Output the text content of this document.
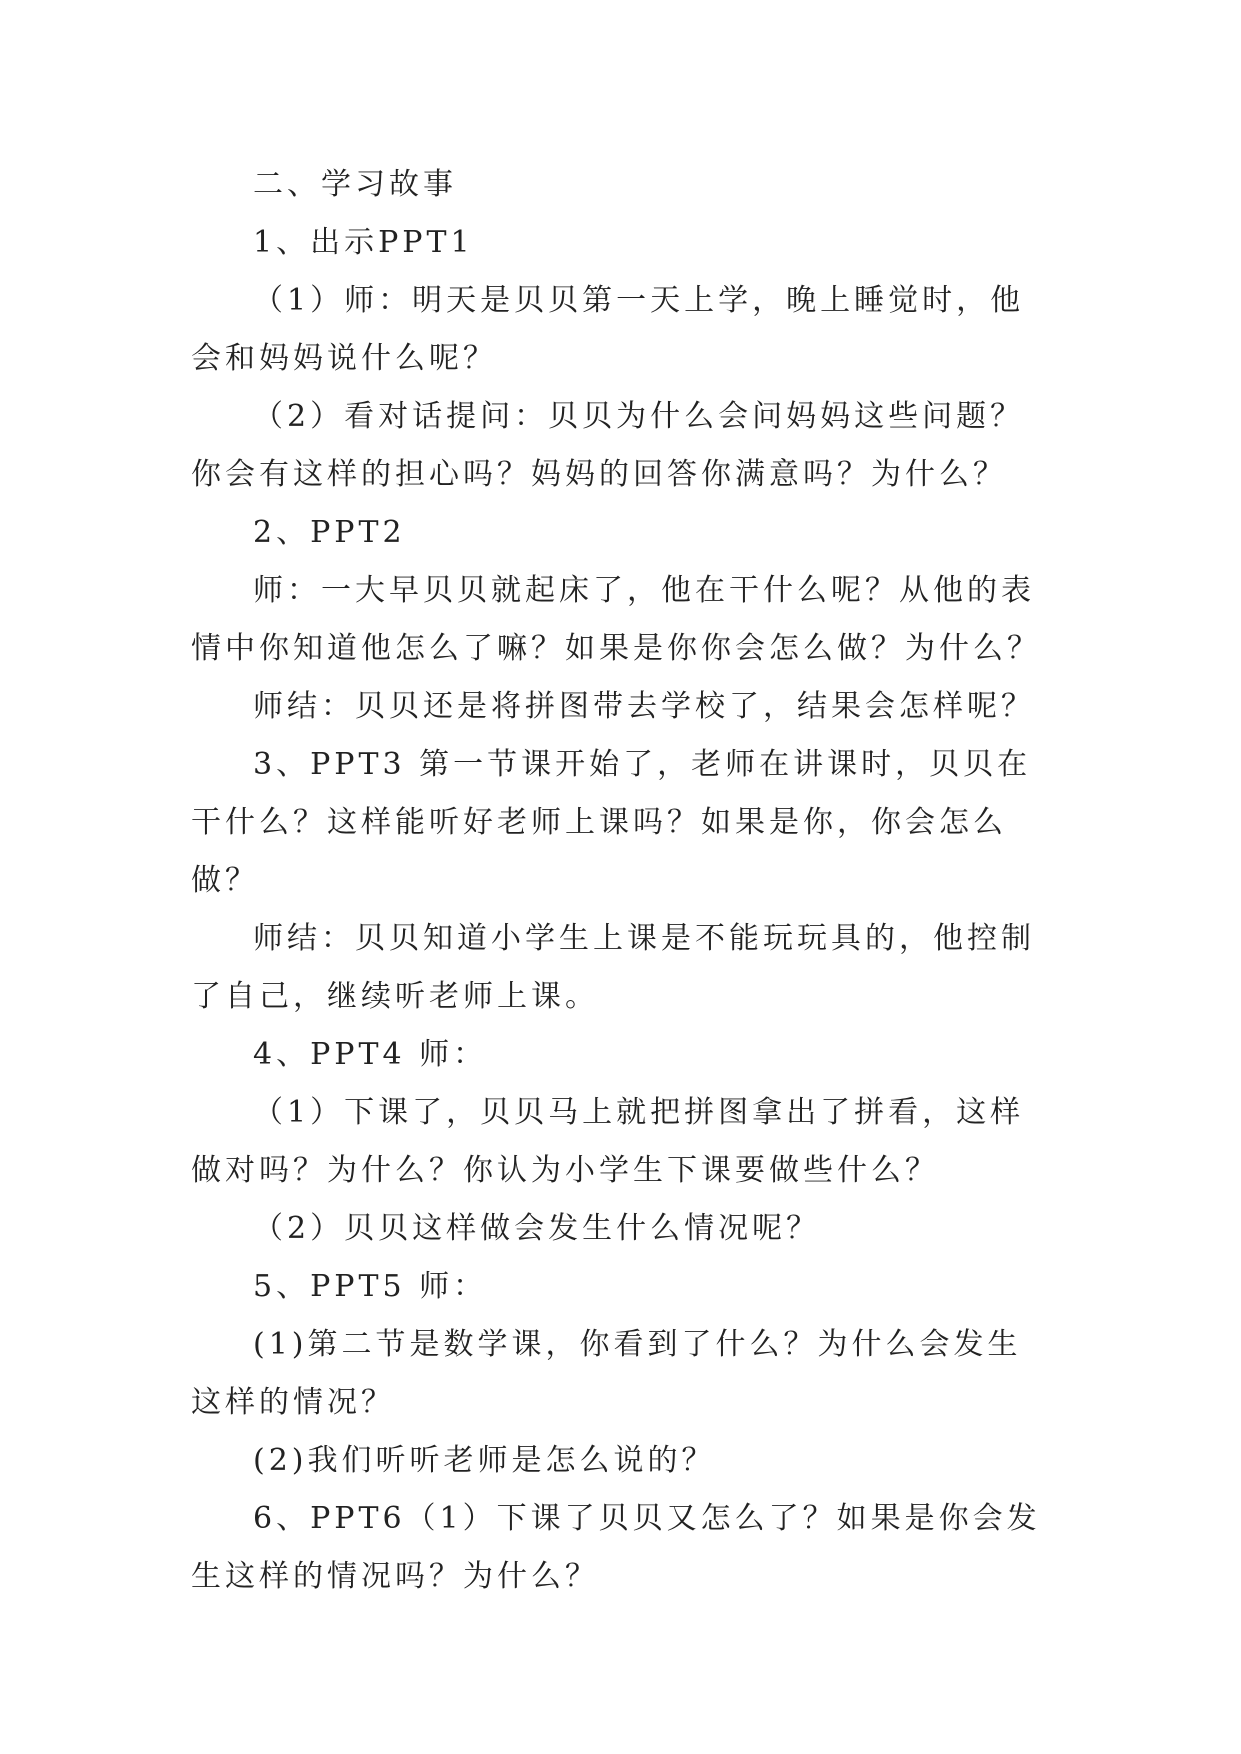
二、学习故事

1、出示PPT1

（1）师：明天是贝贝第一天上学，晚上睡觉时，他会和妈妈说什么呢？

（2）看对话提问：贝贝为什么会问妈妈这些问题？你会有这样的担心吗？妈妈的回答你满意吗？为什么？

2、PPT2

师：一大早贝贝就起床了，他在干什么呢？从他的表情中你知道他怎么了嘛？如果是你你会怎么做？为什么？

师结：贝贝还是将拼图带去学校了，结果会怎样呢？

3、PPT3 第一节课开始了，老师在讲课时，贝贝在干什么？这样能听好老师上课吗？如果是你，你会怎么做？

师结：贝贝知道小学生上课是不能玩玩具的，他控制了自己，继续听老师上课。

4、PPT4 师：

（1）下课了，贝贝马上就把拼图拿出了拼看，这样做对吗？为什么？你认为小学生下课要做些什么？

（2）贝贝这样做会发生什么情况呢？

5、PPT5 师：

(1)第二节是数学课，你看到了什么？为什么会发生这样的情况？

(2)我们听听老师是怎么说的？

6、PPT6（1）下课了贝贝又怎么了？如果是你会发生这样的情况吗？为什么？
